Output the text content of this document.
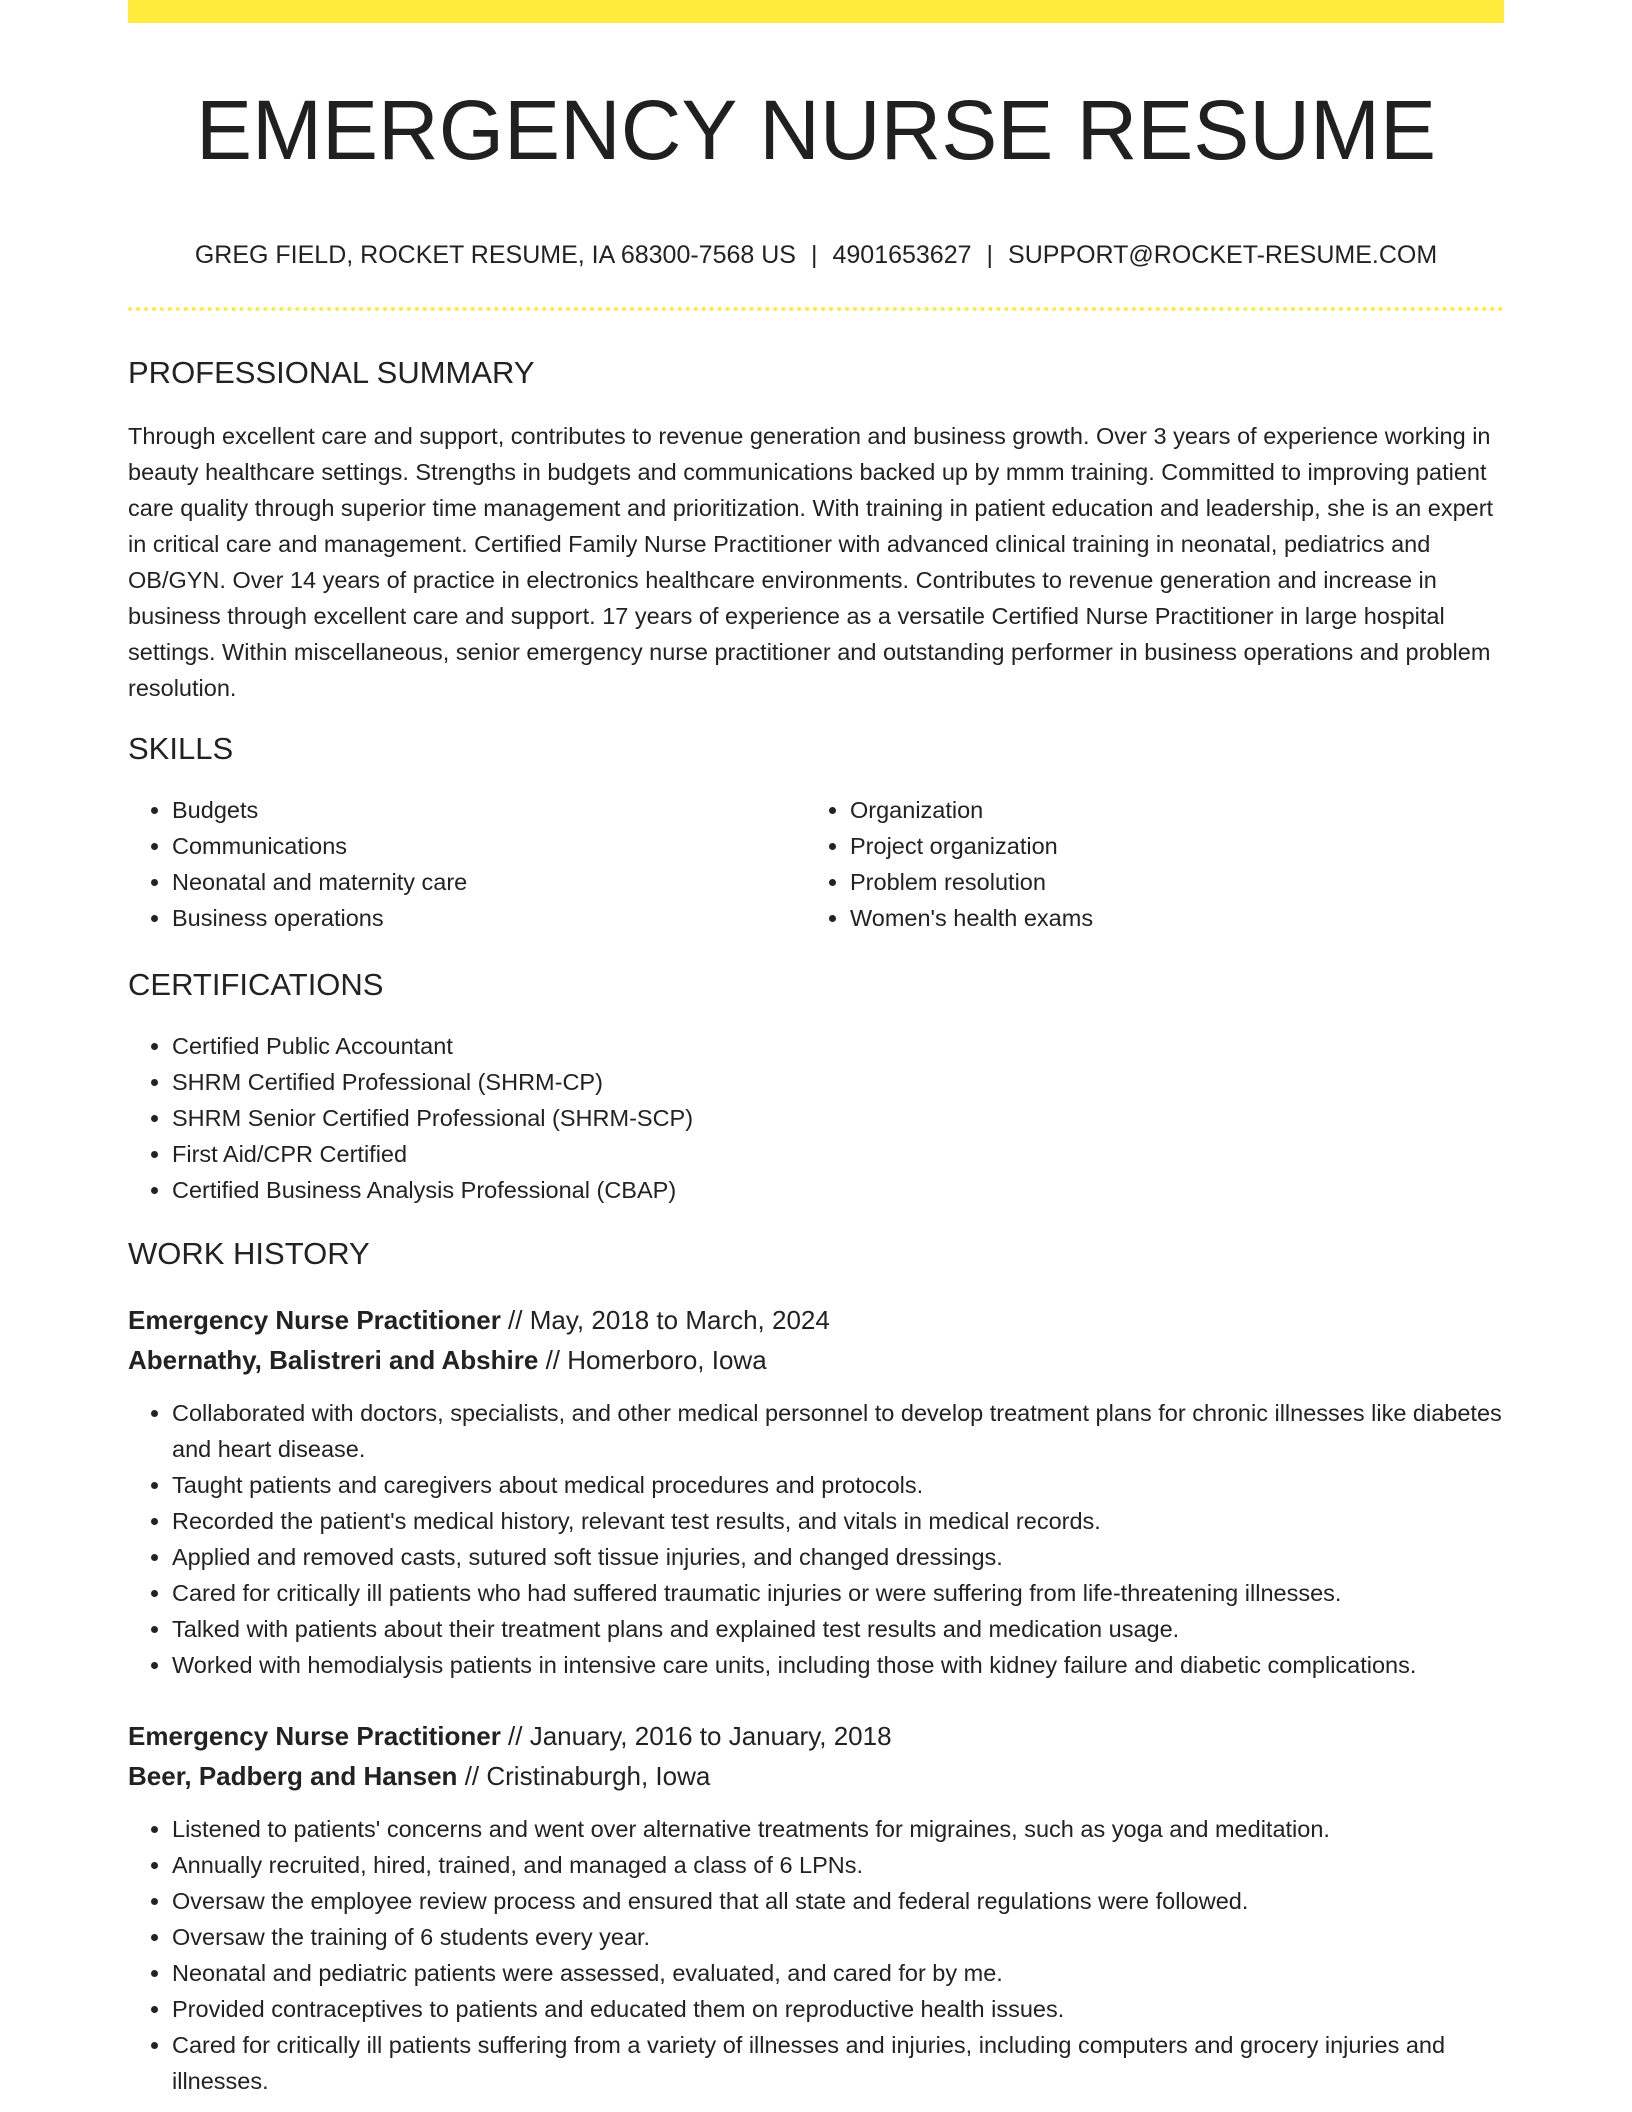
EMERGENCY NURSE RESUME
GREG FIELD, ROCKET RESUME, IA 68300-7568 US | 4901653627 | SUPPORT@ROCKET-RESUME.COM
PROFESSIONAL SUMMARY

Through excellent care and support, contributes to revenue generation and business growth. Over 3 years of experience working in beauty healthcare settings. Strengths in budgets and communications backed up by mmm training. Committed to improving patient care quality through superior time management and prioritization. With training in patient education and leadership, she is an expert in critical care and management. Certified Family Nurse Practitioner with advanced clinical training in neonatal, pediatrics and OB/GYN. Over 14 years of practice in electronics healthcare environments. Contributes to revenue generation and increase in business through excellent care and support. 17 years of experience as a versatile Certified Nurse Practitioner in large hospital settings. Within miscellaneous, senior emergency nurse practitioner and outstanding performer in business operations and problem resolution.

SKILLS
• Budgets
• Communications
• Neonatal and maternity care
• Business operations
• Organization
• Project organization
• Problem resolution
• Women's health exams
CERTIFICATIONS
• Certified Public Accountant
• SHRM Certified Professional (SHRM-CP)
• SHRM Senior Certified Professional (SHRM-SCP)
• First Aid/CPR Certified
• Certified Business Analysis Professional (CBAP)
WORK HISTORY
Emergency Nurse Practitioner // May, 2018 to March, 2024
Abernathy, Balistreri and Abshire // Homerboro, Iowa
• Collaborated with doctors, specialists, and other medical personnel to develop treatment plans for chronic illnesses like diabetes and heart disease.
• Taught patients and caregivers about medical procedures and protocols.
• Recorded the patient's medical history, relevant test results, and vitals in medical records.
• Applied and removed casts, sutured soft tissue injuries, and changed dressings.
• Cared for critically ill patients who had suffered traumatic injuries or were suffering from life-threatening illnesses.
• Talked with patients about their treatment plans and explained test results and medication usage.
• Worked with hemodialysis patients in intensive care units, including those with kidney failure and diabetic complications.
Emergency Nurse Practitioner // January, 2016 to January, 2018
Beer, Padberg and Hansen // Cristinaburgh, Iowa
• Listened to patients' concerns and went over alternative treatments for migraines, such as yoga and meditation.
• Annually recruited, hired, trained, and managed a class of 6 LPNs.
• Oversaw the employee review process and ensured that all state and federal regulations were followed.
• Oversaw the training of 6 students every year.
• Neonatal and pediatric patients were assessed, evaluated, and cared for by me.
• Provided contraceptives to patients and educated them on reproductive health issues.
• Cared for critically ill patients suffering from a variety of illnesses and injuries, including computers and grocery injuries and illnesses.
